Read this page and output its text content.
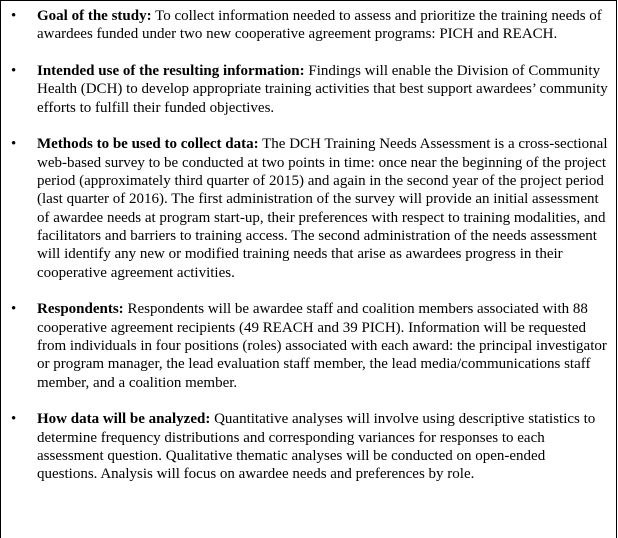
• Goal of the study: To collect information needed to assess and prioritize the training needs of awardees funded under two new cooperative agreement programs: PICH and REACH.
• Intended use of the resulting information: Findings will enable the Division of Community Health (DCH) to develop appropriate training activities that best support awardees’ community efforts to fulfill their funded objectives.
• Methods to be used to collect data: The DCH Training Needs Assessment is a cross-sectional web-based survey to be conducted at two points in time: once near the beginning of the project period (approximately third quarter of 2015) and again in the second year of the project period (last quarter of 2016). The first administration of the survey will provide an initial assessment of awardee needs at program start-up, their preferences with respect to training modalities, and facilitators and barriers to training access. The second administration of the needs assessment will identify any new or modified training needs that arise as awardees progress in their cooperative agreement activities.
• Respondents: Respondents will be awardee staff and coalition members associated with 88 cooperative agreement recipients (49 REACH and 39 PICH). Information will be requested from individuals in four positions (roles) associated with each award: the principal investigator or program manager, the lead evaluation staff member, the lead media/communications staff member, and a coalition member.
• How data will be analyzed: Quantitative analyses will involve using descriptive statistics to determine frequency distributions and corresponding variances for responses to each assessment question. Qualitative thematic analyses will be conducted on open-ended questions. Analysis will focus on awardee needs and preferences by role.
